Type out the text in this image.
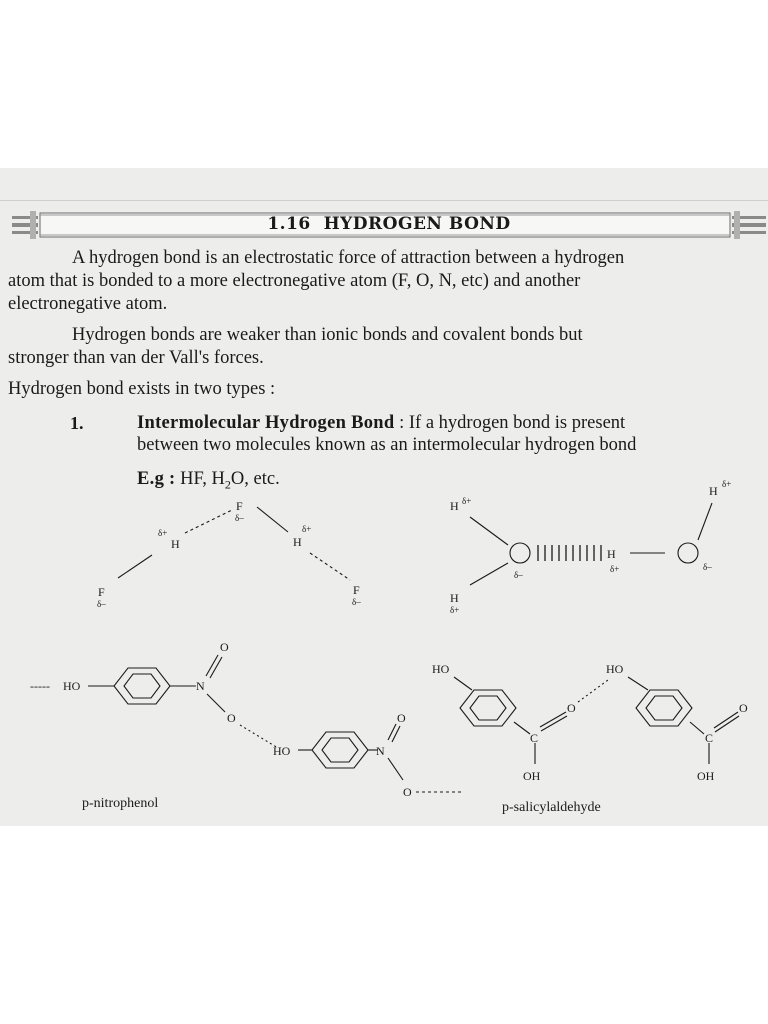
1.16 HYDROGEN BOND
A hydrogen bond is an electrostatic force of attraction between a hydrogen
atom that is bonded to a more electronegative atom (F, O, N, etc) and another
electronegative atom.
Hydrogen bonds are weaker than ionic bonds and covalent bonds but
stronger than van der Vall's forces.
Hydrogen bond exists in two types :
1.	Intermolecular Hydrogen Bond : If a hydrogen bond is present
between two molecules known as an intermolecular hydrogen bond
E.g : HF, $H_2O$, etc.
F
δ–
δ+
H
δ+
H
F
δ–
F
δ–
H δ+
H
δ+
δ–
δ–
H δ+
H
δ+
----- HO	N
O
O
HO	N
O
O
HO
C
O
OH
HO
C
O
OH
p-nitrophenol	p-salicylaldehyde
